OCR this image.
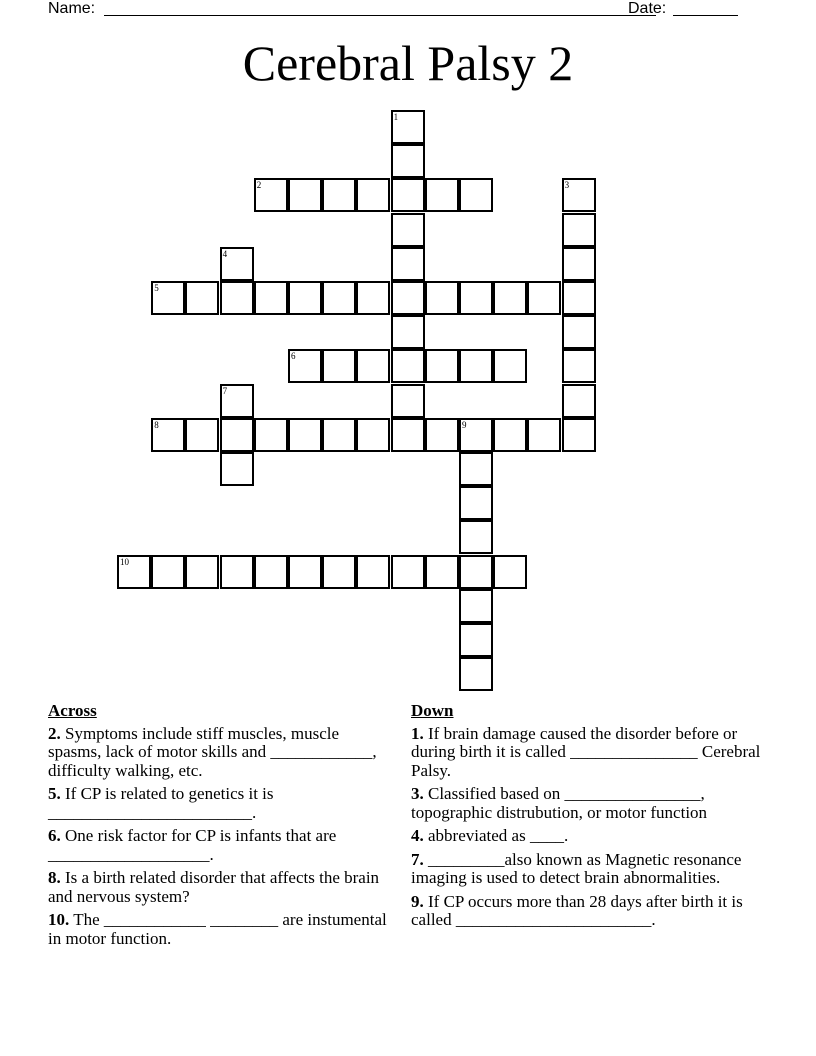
Name:	Date:
Cerebral Palsy 2
1
2	3
4
5
6
7
8	9
10
Across
2. Symptoms include stiff muscles, muscle spasms, lack of motor skills and ____________, difficulty walking, etc.
5. If CP is related to genetics it is ________________________.
6. One risk factor for CP is infants that are ___________________.
8. Is a birth related disorder that affects the brain and nervous system?
10. The ____________ ________ are instumental in motor function.
Down
1. If brain damage caused the disorder before or during birth it is called _______________ Cerebral Palsy.
3. Classified based on ________________, topographic distrubution, or motor function
4. abbreviated as ____.
7. _________also known as Magnetic resonance imaging is used to detect brain abnormalities.
9. If CP occurs more than 28 days after birth it is called _______________________.
